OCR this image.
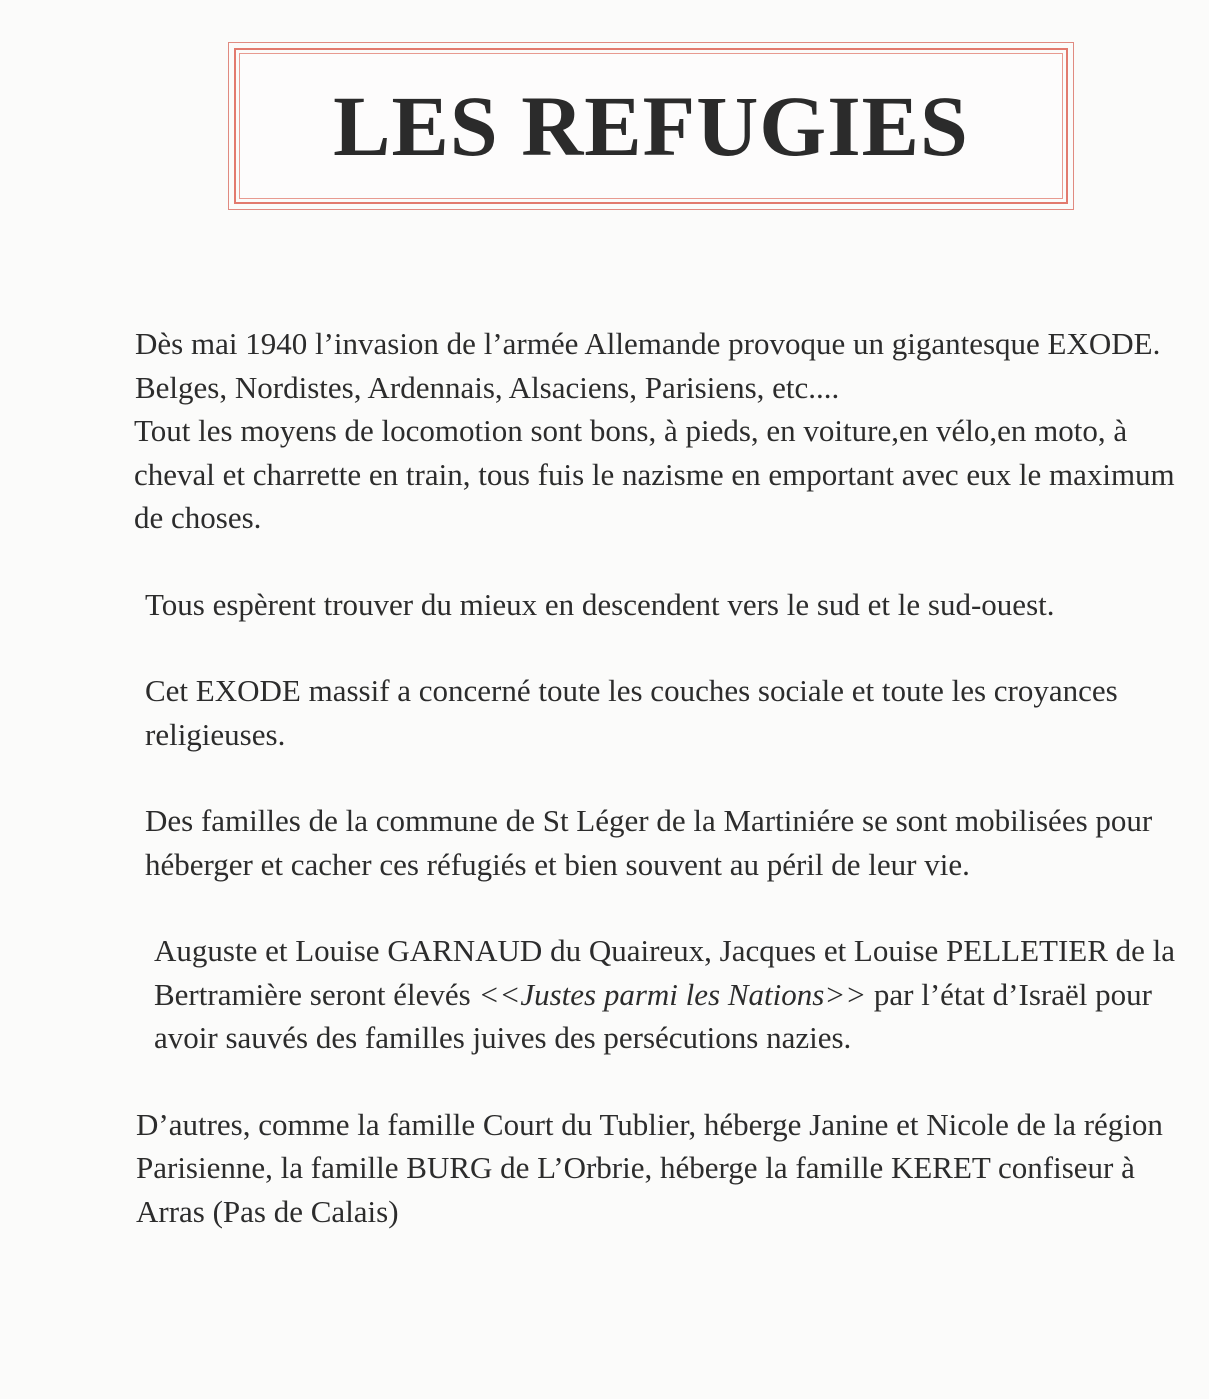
LES REFUGIES

Dès mai 1940 l’invasion de l’armée Allemande provoque un gigantesque EXODE. Belges, Nordistes, Ardennais, Alsaciens, Parisiens, etc....

Tout les moyens de locomotion sont bons, à pieds, en voiture,en vélo,en moto, à cheval et charrette en train, tous fuis le nazisme en emportant avec eux le maximum de choses.

Tous espèrent trouver du mieux en descendent vers le sud et le sud-ouest.

Cet EXODE massif a concerné toute les couches sociale et toute les croyances religieuses.

Des familles de la commune de St Léger de la Martiniére se sont mobilisées pour héberger et cacher ces réfugiés et bien souvent au péril de leur vie.

Auguste et Louise GARNAUD du Quaireux, Jacques et Louise PELLETIER de la Bertramière seront élevés <<Justes parmi les Nations>> par l’état d’Israël pour avoir sauvés des familles juives des persécutions nazies.

D’autres, comme la famille Court du Tublier, héberge Janine et Nicole de la région Parisienne, la famille BURG de L’Orbrie, héberge la famille KERET confiseur à Arras (Pas de Calais)
